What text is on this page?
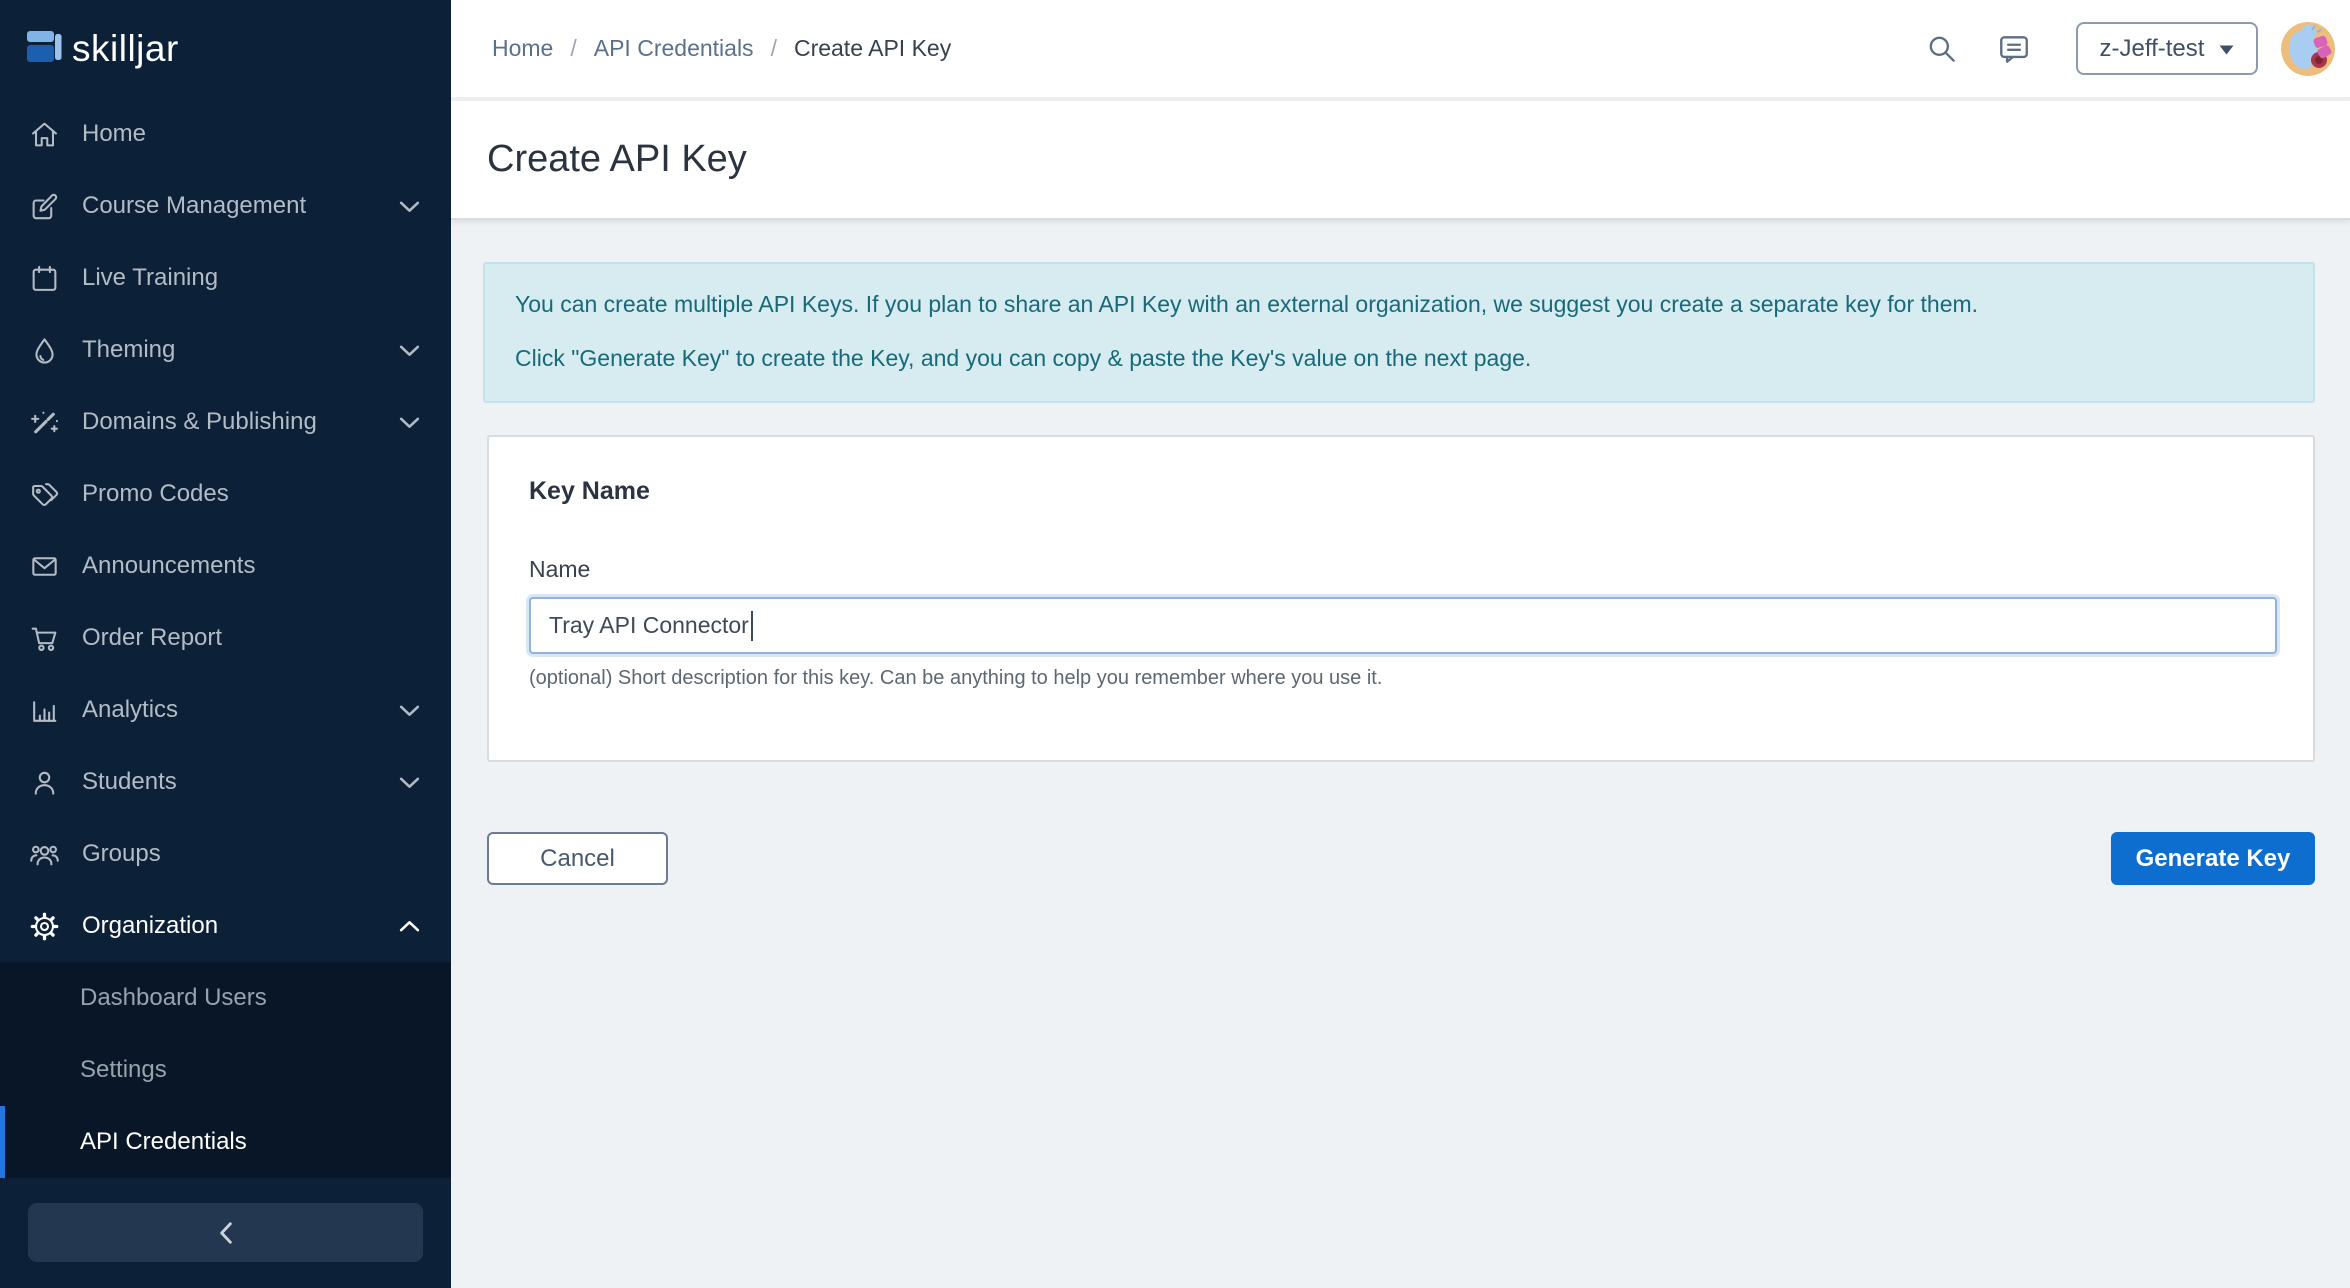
skilljar
Home
Course Management
Live Training
Theming
Domains & Publishing
Promo Codes
Announcements
Order Report
Analytics
Students
Groups
Organization
Dashboard Users
Settings
API Credentials
Home / API Credentials / Create API Key	z-Jeff-test
Create API Key

You can create multiple API Keys. If you plan to share an API Key with an external organization, we suggest you create a separate key for them.

Click "Generate Key" to create the Key, and you can copy & paste the Key's value on the next page.

Key Name
Name
Tray API Connector
(optional) Short description for this key. Can be anything to help you remember where you use it.
Cancel	Generate Key
